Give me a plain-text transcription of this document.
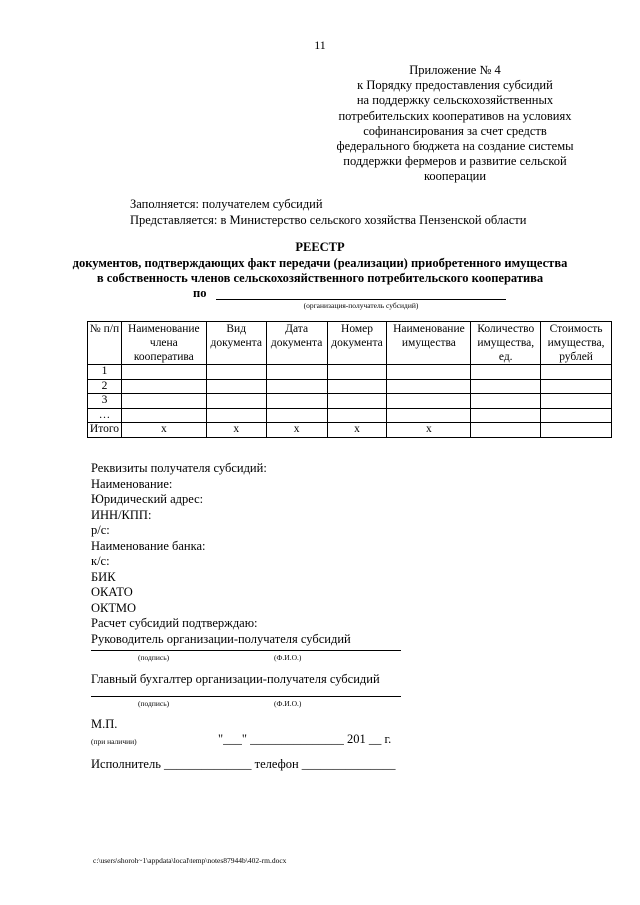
11
Приложение № 4
к Порядку предоставления субсидий
на поддержку сельскохозяйственных
потребительских кооперативов на условиях
софинансирования за счет средств
федерального бюджета на создание системы
поддержки фермеров и развитие сельской
кооперации
Заполняется: получателем субсидий
Представляется: в Министерство сельского хозяйства Пензенской области
РЕЕСТР
документов, подтверждающих факт передачи (реализации) приобретенного имущества
в собственность членов сельскохозяйственного потребительского кооператива
по
(организация-получатель субсидий)
№ п/п	Наименование члена кооператива	Вид документа	Дата документа	Номер документа	Наименование имущества	Количество имущества, ед.	Стоимость имущества, рублей
1							
2							
3							
…							
Итого	х	х	х	х	х		
Реквизиты получателя субсидий:
Наименование:
Юридический адрес:
ИНН/КПП:
р/с:
Наименование банка:
к/с:
БИК
ОКАТО
ОКТМО
Расчет субсидий подтверждаю:
Руководитель организации-получателя субсидий
(подпись)	(Ф.И.О.)
Главный бухгалтер организации-получателя субсидий
(подпись)	(Ф.И.О.)
М.П.
(при наличии)	"___" _______________ 201 __ г.
Исполнитель ______________ телефон _______________
c:\users\shoroh~1\appdata\local\temp\notes87944b\402-rm.docx
